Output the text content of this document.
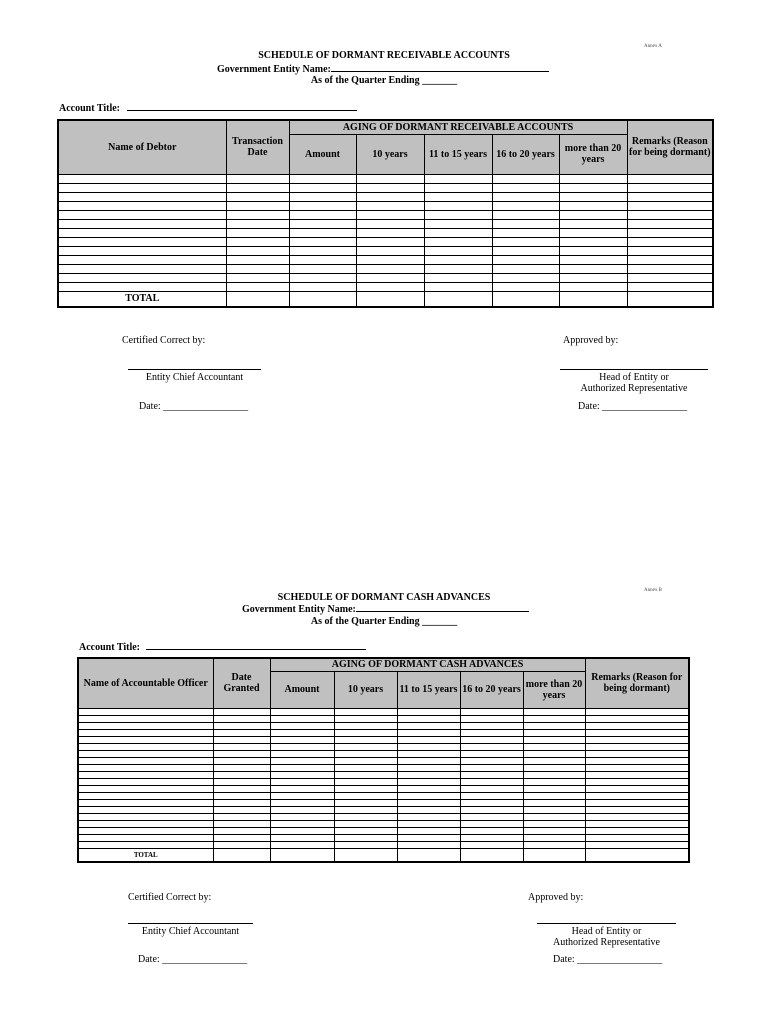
Annex A
SCHEDULE OF DORMANT RECEIVABLE ACCOUNTS
Government Entity Name:
As of the Quarter Ending _______
Account Title:
Name of Debtor	Transaction Date	AGING OF DORMANT RECEIVABLE ACCOUNTS					Remarks (Reason for being dormant)
		Amount	10 years	11 to 15 years	16 to 20 years	more than 20 years	

TOTAL							
Certified Correct by:	Approved by:
Entity Chief Accountant	Head of Entity or
Authorized Representative
Date: _________________	Date: _________________
Annex B
SCHEDULE OF DORMANT CASH ADVANCES
Government Entity Name:
As of the Quarter Ending _______
Account Title:
Name of Accountable Officer	Date Granted	AGING OF DORMANT CASH ADVANCES					Remarks (Reason for being dormant)
		Amount	10 years	11 to 15 years	16 to 20 years	more than 20 years	

TOTAL							
Certified Correct by:	Approved by:
Entity Chief Accountant	Head of Entity or
Authorized Representative
Date: _________________	Date: _________________
